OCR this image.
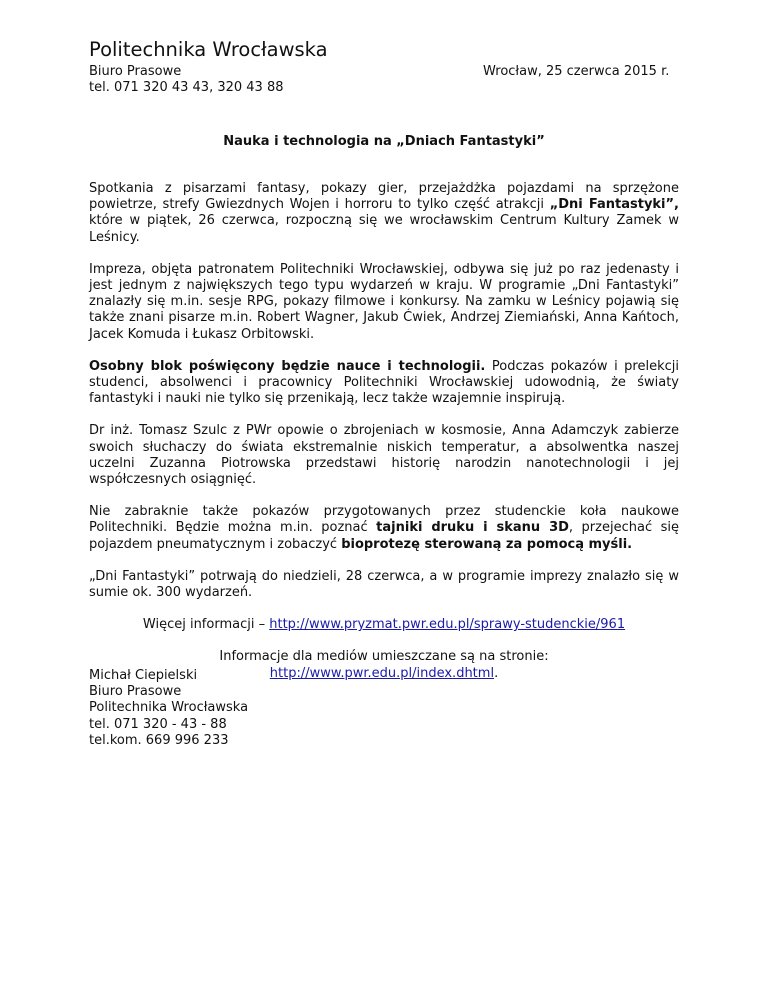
Politechnika Wrocławska
Biuro Prasowe
tel. 071 320 43 43, 320 43 88
Wrocław, 25 czerwca 2015 r.
Nauka i technologia na „Dniach Fantastyki”

Spotkania z pisarzami fantasy, pokazy gier, przejażdżka pojazdami na sprzężone powietrze, strefy Gwiezdnych Wojen i horroru to tylko część atrakcji „Dni Fantastyki”, które w piątek, 26 czerwca, rozpoczną się we wrocławskim Centrum Kultury Zamek w Leśnicy.

Impreza, objęta patronatem Politechniki Wrocławskiej, odbywa się już po raz jedenasty i jest jednym z największych tego typu wydarzeń w kraju. W programie „Dni Fantastyki” znalazły się m.in. sesje RPG, pokazy filmowe i konkursy. Na zamku w Leśnicy pojawią się także znani pisarze m.in. Robert Wagner, Jakub Ćwiek, Andrzej Ziemiański, Anna Kańtoch, Jacek Komuda i Łukasz Orbitowski.

Osobny blok poświęcony będzie nauce i technologii. Podczas pokazów i prelekcji studenci, absolwenci i pracownicy Politechniki Wrocławskiej udowodnią, że światy fantastyki i nauki nie tylko się przenikają, lecz także wzajemnie inspirują.

Dr inż. Tomasz Szulc z PWr opowie o zbrojeniach w kosmosie, Anna Adamczyk zabierze swoich słuchaczy do świata ekstremalnie niskich temperatur, a absolwentka naszej uczelni Zuzanna Piotrowska przedstawi historię narodzin nanotechnologii i jej współczesnych osiągnięć.

Nie zabraknie także pokazów przygotowanych przez studenckie koła naukowe Politechniki. Będzie można m.in. poznać tajniki druku i skanu 3D, przejechać się pojazdem pneumatycznym i zobaczyć bioprotezę sterowaną za pomocą myśli.

„Dni Fantastyki” potrwają do niedzieli, 28 czerwca, a w programie imprezy znalazło się w sumie ok. 300 wydarzeń.

Więcej informacji – http://www.pryzmat.pwr.edu.pl/sprawy-studenckie/961

Informacje dla mediów umieszczane są na stronie:
http://www.pwr.edu.pl/index.dhtml.

Michał Ciepielski
Biuro Prasowe
Politechnika Wrocławska
tel. 071 320 - 43 - 88
tel.kom. 669 996 233
